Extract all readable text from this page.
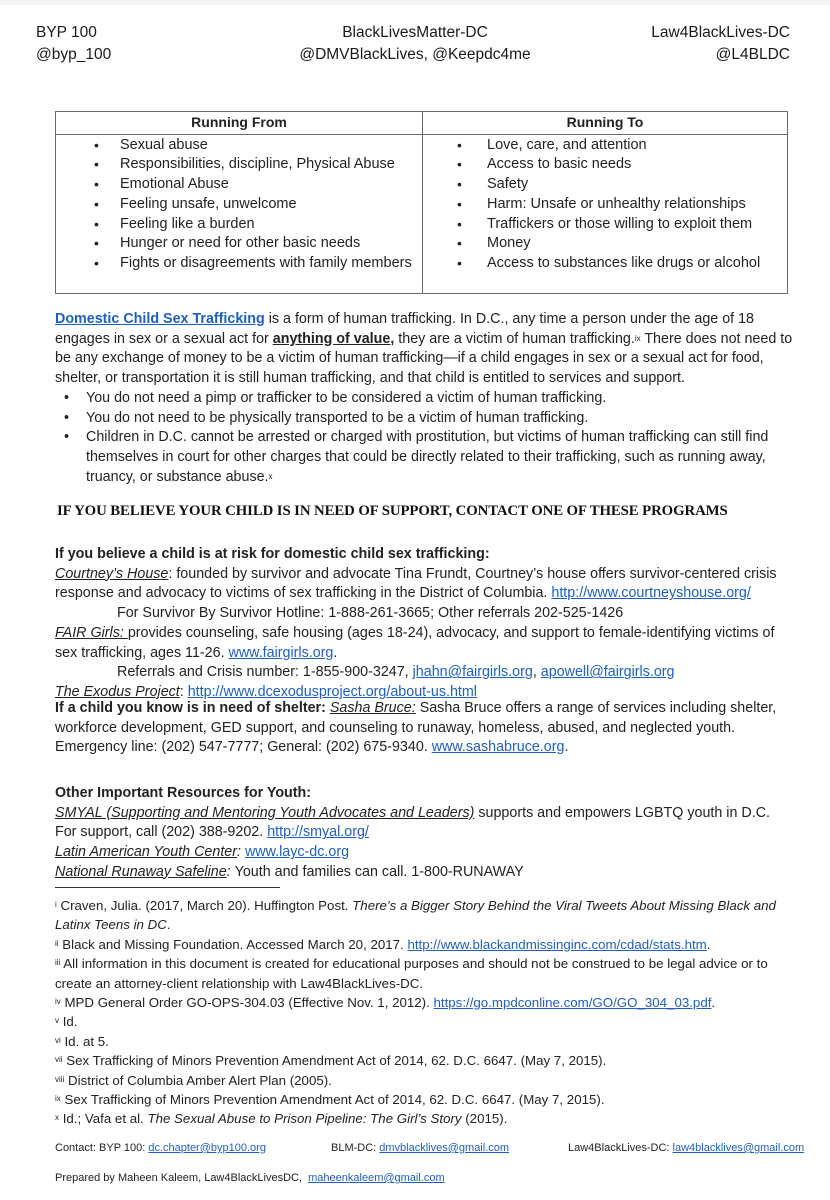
BYP 100
@byp_100
BlackLivesMatter-DC
@DMVBlackLives, @Keepdc4me
Law4BlackLives-DC
@L4BLDC
Running From	Running To

• Sexual abuse
• Responsibilities, discipline, Physical Abuse
• Emotional Abuse
• Feeling unsafe, unwelcome
• Feeling like a burden
• Hunger or need for other basic needs
• Fights or disagreements with family members

• Love, care, and attention
• Access to basic needs
• Safety
• Harm: Unsafe or unhealthy relationships
• Traffickers or those willing to exploit them
• Money
• Access to substances like drugs or alcohol
Domestic Child Sex Trafficking is a form of human trafficking. In D.C., any time a person under the age of 18 engages in sex or a sexual act for anything of value, they are a victim of human trafficking.$^{ix}$ There does not need to be any exchange of money to be a victim of human trafficking—if a child engages in sex or a sexual act for food, shelter, or transportation it is still human trafficking, and that child is entitled to services and support.
• You do not need a pimp or trafficker to be considered a victim of human trafficking.
• You do not need to be physically transported to be a victim of human trafficking.
• Children in D.C. cannot be arrested or charged with prostitution, but victims of human trafficking can still find themselves in court for other charges that could be directly related to their trafficking, such as running away, truancy, or substance abuse.$^x$
IF YOU BELIEVE YOUR CHILD IS IN NEED OF SUPPORT, CONTACT ONE OF THESE PROGRAMS
If you believe a child is at risk for domestic child sex trafficking:
Courtney’s House: founded by survivor and advocate Tina Frundt, Courtney’s house offers survivor-centered crisis response and advocacy to victims of sex trafficking in the District of Columbia. http://www.courtneyshouse.org/
For Survivor By Survivor Hotline: 1-888-261-3665; Other referrals 202-525-1426
FAIR Girls: provides counseling, safe housing (ages 18-24), advocacy, and support to female-identifying victims of sex trafficking, ages 11-26. www.fairgirls.org.
Referrals and Crisis number: 1-855-900-3247, jhahn@fairgirls.org, apowell@fairgirls.org
The Exodus Project: http://www.dcexodusproject.org/about-us.html
If a child you know is in need of shelter: Sasha Bruce: Sasha Bruce offers a range of services including shelter, workforce development, GED support, and counseling to runaway, homeless, abused, and neglected youth. Emergency line: (202) 547-7777; General: (202) 675-9340. www.sashabruce.org.
Other Important Resources for Youth:
SMYAL (Supporting and Mentoring Youth Advocates and Leaders) supports and empowers LGBTQ youth in D.C. For support, call (202) 388-9202. http://smyal.org/
Latin American Youth Center: www.layc-dc.org
National Runaway Safeline: Youth and families can call. 1-800-RUNAWAY

$^i$ Craven, Julia. (2017, March 20). Huffington Post. There’s a Bigger Story Behind the Viral Tweets About Missing Black and Latinx Teens in DC.

$^{ii}$ Black and Missing Foundation. Accessed March 20, 2017. http://www.blackandmissinginc.com/cdad/stats.htm.

$^{iii}$ All information in this document is created for educational purposes and should not be construed to be legal advice or to create an attorney-client relationship with Law4BlackLives-DC.

$^{iv}$ MPD General Order GO-OPS-304.03 (Effective Nov. 1, 2012). https://go.mpdconline.com/GO/GO_304_03.pdf.

$^v$ Id.

$^{vi}$ Id. at 5.

$^{vii}$ Sex Trafficking of Minors Prevention Amendment Act of 2014, 62. D.C. 6647. (May 7, 2015).

$^{viii}$ District of Columbia Amber Alert Plan (2005).

$^{ix}$ Sex Trafficking of Minors Prevention Amendment Act of 2014, 62. D.C. 6647. (May 7, 2015).

$^x$ Id.; Vafa et al. The Sexual Abuse to Prison Pipeline: The Girl’s Story (2015).

Contact: BYP 100: dc.chapter@byp100.org	BLM-DC: dmvblacklives@gmail.com	Law4BlackLives-DC: law4blacklives@gmail.com
Prepared by Maheen Kaleem, Law4BlackLivesDC,  maheenkaleem@gmail.com
